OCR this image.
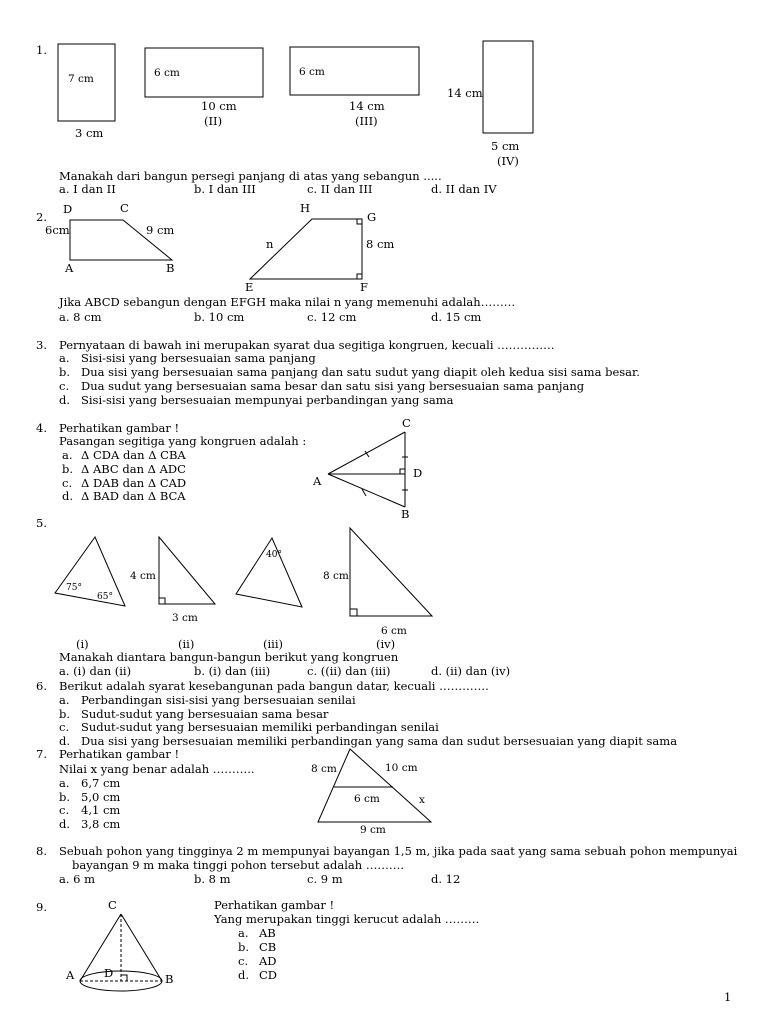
1.
7 cm
3 cm
6 cm
10 cm
(II)
6 cm
14 cm
(III)
14 cm
5 cm
(IV)
Manakah dari bangun persegi panjang di atas yang sebangun .....
a. I dan II	b. I dan III	c. II dan III	d. II dan IV
2.
D	C
6cm	9 cm
A	B
H
G
n	8 cm
E	F
Jika ABCD sebangun dengan EFGH maka nilai n yang memenuhi adalah………
a. 8 cm	b. 10 cm	c. 12 cm	d. 15 cm
3. Pernyataan di bawah ini merupakan syarat dua segitiga kongruen, kecuali ……………
a. Sisi-sisi yang bersesuaian sama panjang
b. Dua sisi yang bersesuaian sama panjang dan satu sudut yang diapit oleh kedua sisi sama besar.
c. Dua sudut yang bersesuaian sama besar dan satu sisi yang bersesuaian sama panjang
d. Sisi-sisi yang bersesuaian mempunyai perbandingan yang sama
4. Perhatikan gambar !
Pasangan segitiga yang kongruen adalah :
a. Δ CDA dan Δ CBA
b. Δ ABC dan Δ ADC
c. Δ DAB dan Δ CAD
d. Δ BAD dan Δ BCA
C
A
D
B
5.
75°
65°
4 cm
3 cm
40°
8 cm
6 cm
(i)	(ii)	(iii)	(iv)
Manakah diantara bangun-bangun berikut yang kongruen
a. (i) dan (ii)	b. (i) dan (iii)	c. ((ii) dan (iii)	d. (ii) dan (iv)
6. Berikut adalah syarat kesebangunan pada bangun datar, kecuali ………….
a. Perbandingan sisi-sisi yang bersesuaian senilai
b. Sudut-sudut yang bersesuaian sama besar
c. Sudut-sudut yang bersesuaian memiliki perbandingan senilai
d. Dua sisi yang bersesuaian memiliki perbandingan yang sama dan sudut bersesuaian yang diapit sama
7. Perhatikan gambar !
Nilai x yang benar adalah ………..
a. 6,7 cm
b. 5,0 cm
c. 4,1 cm
d. 3,8 cm
8 cm	10 cm
6 cm	x
9 cm
8. Sebuah pohon yang tingginya 2 m mempunyai bayangan 1,5 m, jika pada saat yang sama sebuah pohon mempunyai
bayangan 9 m maka tinggi pohon tersebut adalah ……….
a. 6 m	b. 8 m	c. 9 m	d. 12
9.	C
A	D	B
Perhatikan gambar !
Yang merupakan tinggi kerucut adalah ………
a. AB
b. CB
c. AD
d. CD
1
